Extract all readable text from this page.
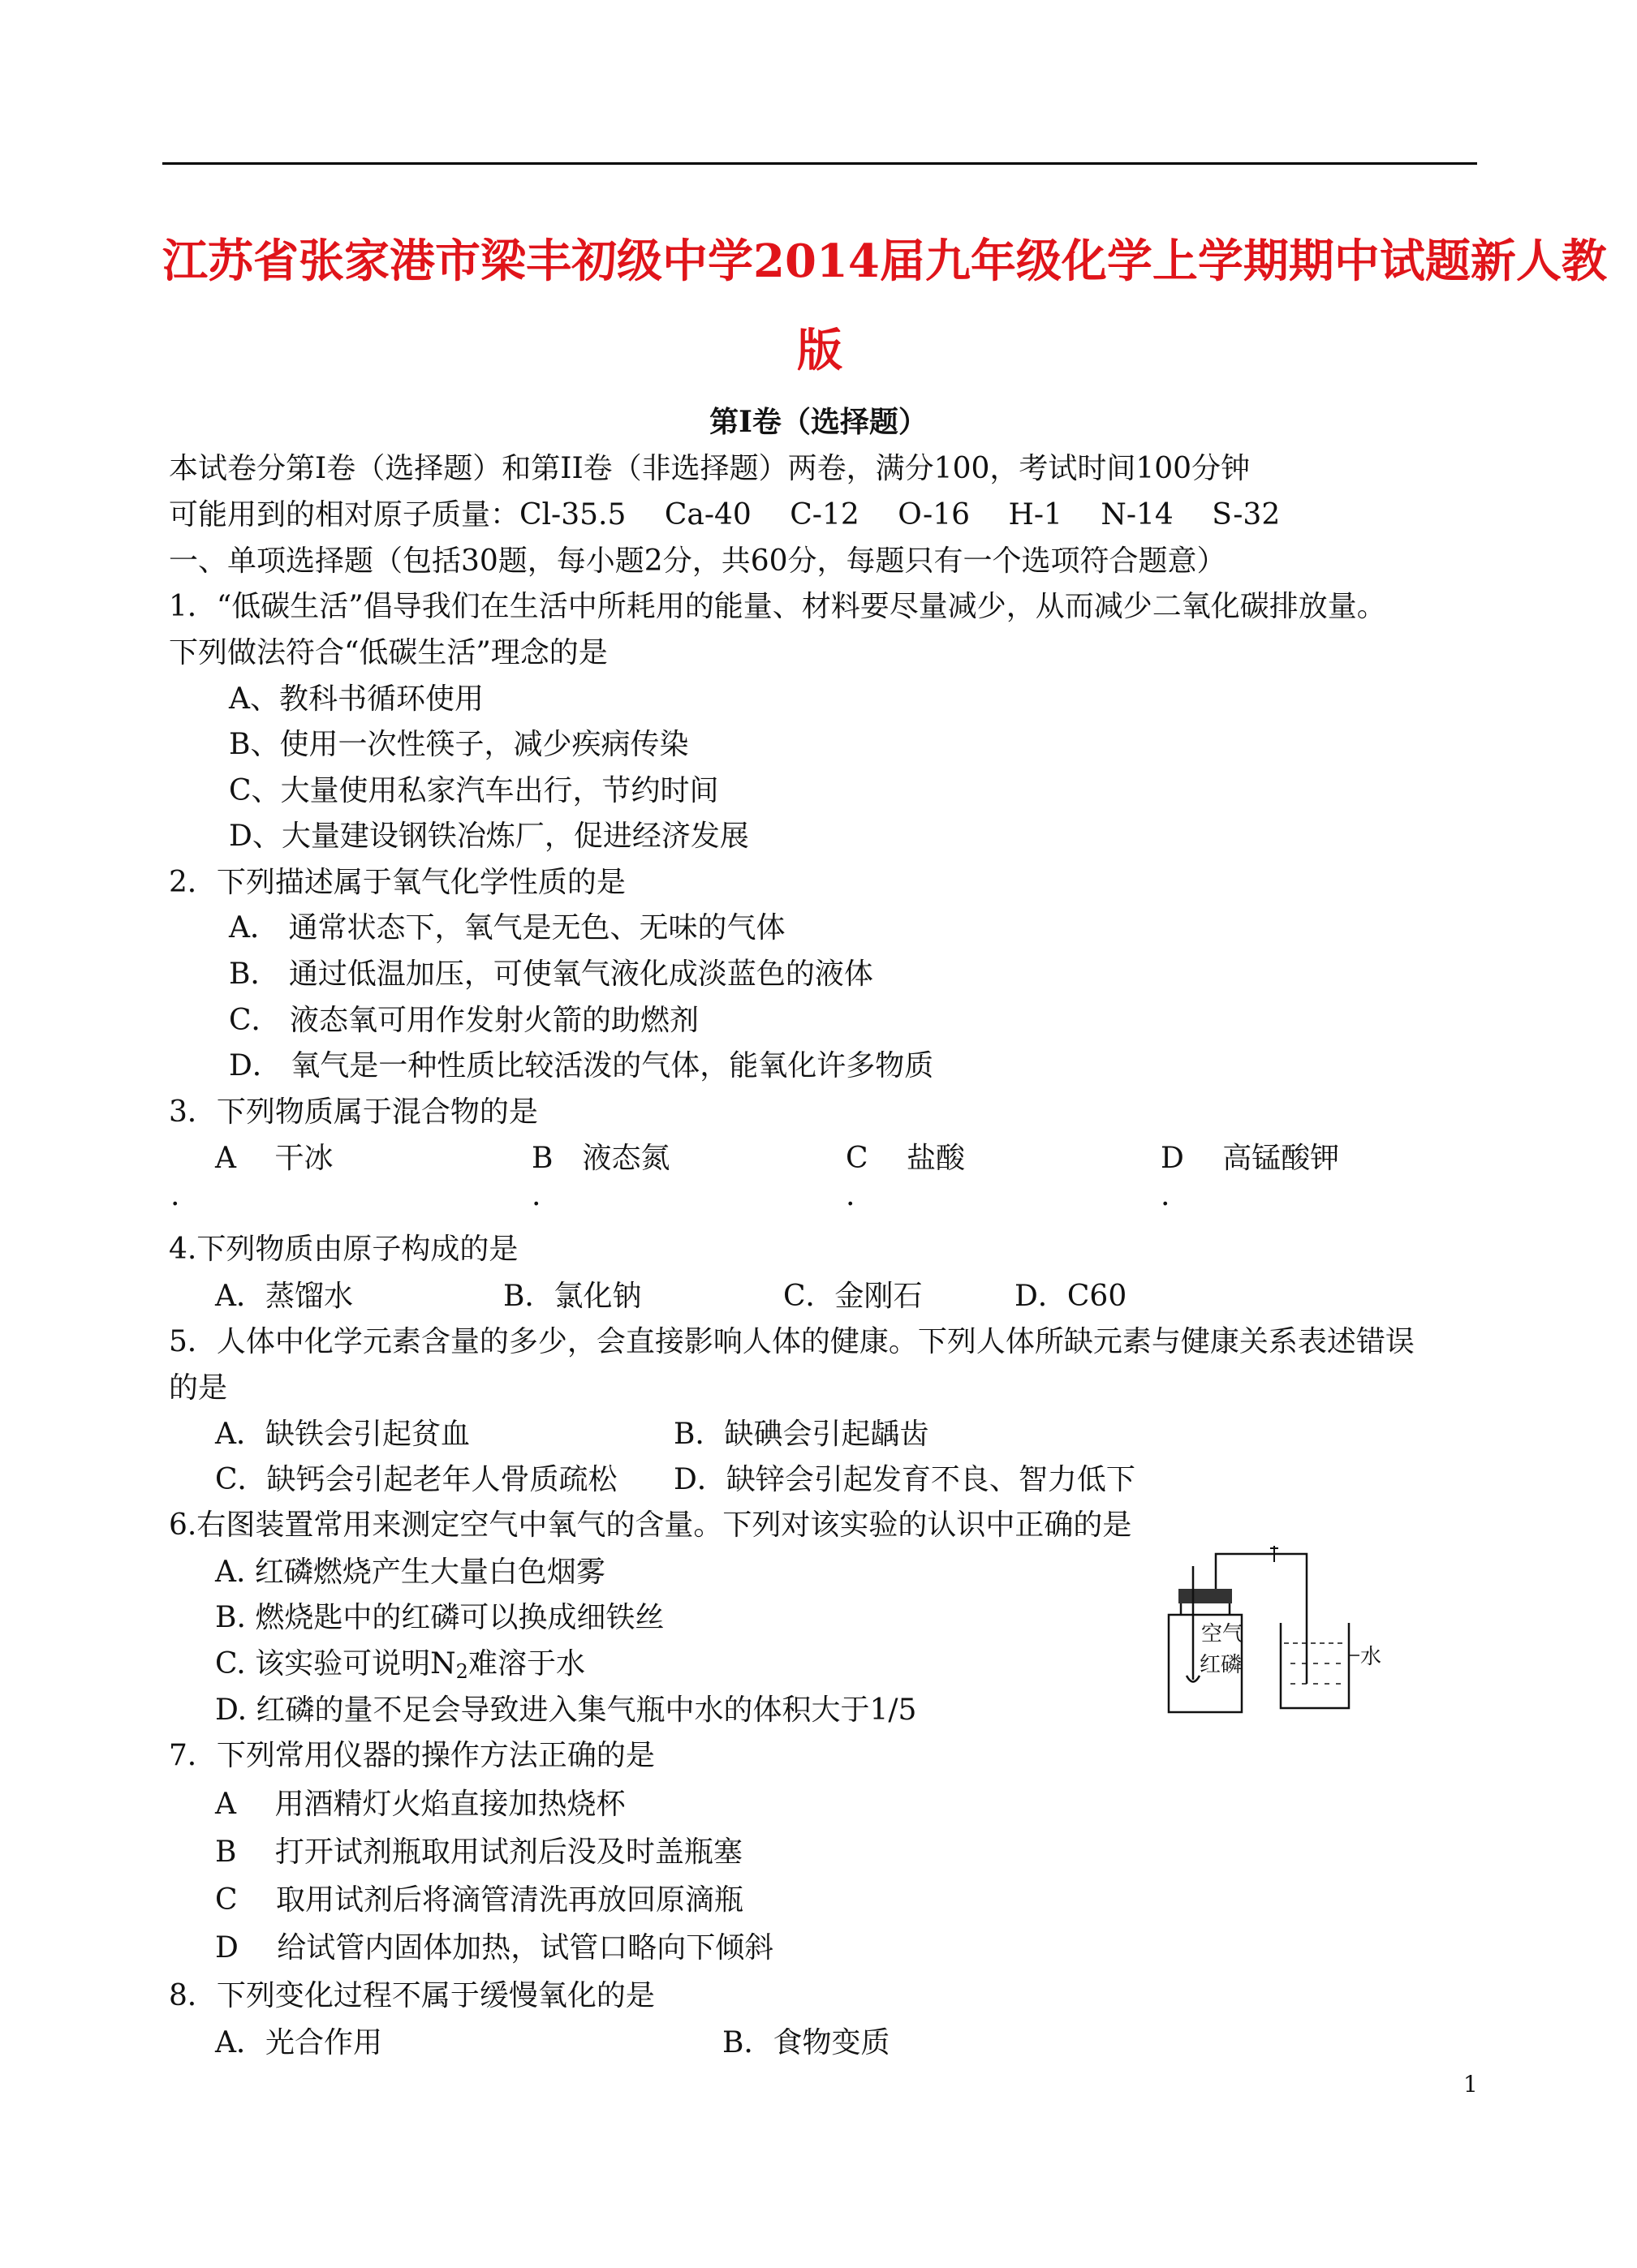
江苏省张家港市梁丰初级中学2014届九年级化学上学期期中试题新人教
版
第Ⅰ卷（选择题）
本试卷分第Ⅰ卷（选择题）和第II卷（非选择题）两卷，满分100，考试时间100分钟
可能用到的相对原子质量：Cl-35.5　 Ca-40　 C-12　 O-16　 H-1　 N-14　 S-32
一、单项选择题（包括30题，每小题2分，共60分，每题只有一个选项符合题意）
1．“低碳生活”倡导我们在生活中所耗用的能量、材料要尽量减少，从而减少二氧化碳排放量。
下列做法符合“低碳生活”理念的是
A、教科书循环使用
B、使用一次性筷子，减少疾病传染
C、大量使用私家汽车出行，节约时间
D、大量建设钢铁冶炼厂，促进经济发展
2．下列描述属于氧气化学性质的是
A． 通常状态下，氧气是无色、无味的气体
B． 通过低温加压，可使氧气液化成淡蓝色的液体
C． 液态氧可用作发射火箭的助燃剂
D． 氧气是一种性质比较活泼的气体，能氧化许多物质
3．下列物质属于混合物的是
A　 干冰	B　液态氮	C　 盐酸	D　 高锰酸钾
.	.	.	.
4.下列物质由原子构成的是
A．蒸馏水	B．氯化钠	C．金刚石	D．C60
5．人体中化学元素含量的多少，会直接影响人体的健康。下列人体所缺元素与健康关系表述错误
的是
A．缺铁会引起贫血	B．缺碘会引起龋齿
C．缺钙会引起老年人骨质疏松 D．缺锌会引起发育不良、智力低下
6.右图装置常用来测定空气中氧气的含量。下列对该实验的认识中正确的是
A. 红磷燃烧产生大量白色烟雾
B. 燃烧匙中的红磷可以换成细铁丝
C. 该实验可说明$N_2$难溶于水
D. 红磷的量不足会导致进入集气瓶中水的体积大于1/5
空气
红磷	水
7．下列常用仪器的操作方法正确的是
A　 用酒精灯火焰直接加热烧杯
B　 打开试剂瓶取用试剂后没及时盖瓶塞
C　 取用试剂后将滴管清洗再放回原滴瓶
D　 给试管内固体加热，试管口略向下倾斜
8．下列变化过程不属于缓慢氧化的是
A．光合作用	B．食物变质
1
